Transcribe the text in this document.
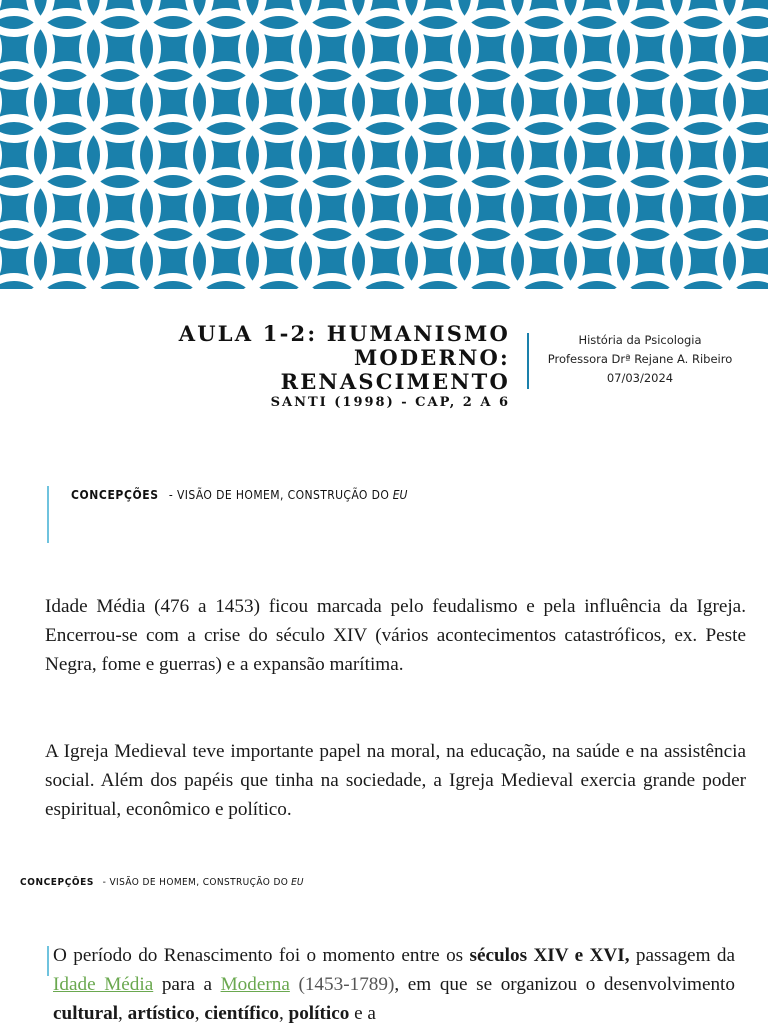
AULA 1-2: HUMANISMO MODERNO:
RENASCIMENTO
SANTI (1998) - CAP, 2 A 6
História da Psicologia
Professora Drª Rejane A. Ribeiro
07/03/2024
CONCEPÇÕES - VISÃO DE HOMEM, CONSTRUÇÃO DO EU

Idade Média (476 a 1453) ficou marcada pelo feudalismo e pela influência da Igreja. Encerrou-se com a crise do século XIV (vários acontecimentos catastróficos, ex. Peste Negra, fome e guerras) e a expansão marítima.

A Igreja Medieval teve importante papel na moral, na educação, na saúde e na assistência social. Além dos papéis que tinha na sociedade, a Igreja Medieval exercia grande poder espiritual, econômico e político.

CONCEPÇÕES - VISÃO DE HOMEM, CONSTRUÇÃO DO EU

O período do Renascimento foi o momento entre os séculos XIV e XVI, passagem da Idade Média para a Moderna (1453-1789), em que se organizou o desenvolvimento cultural, artístico, científico, político e a
